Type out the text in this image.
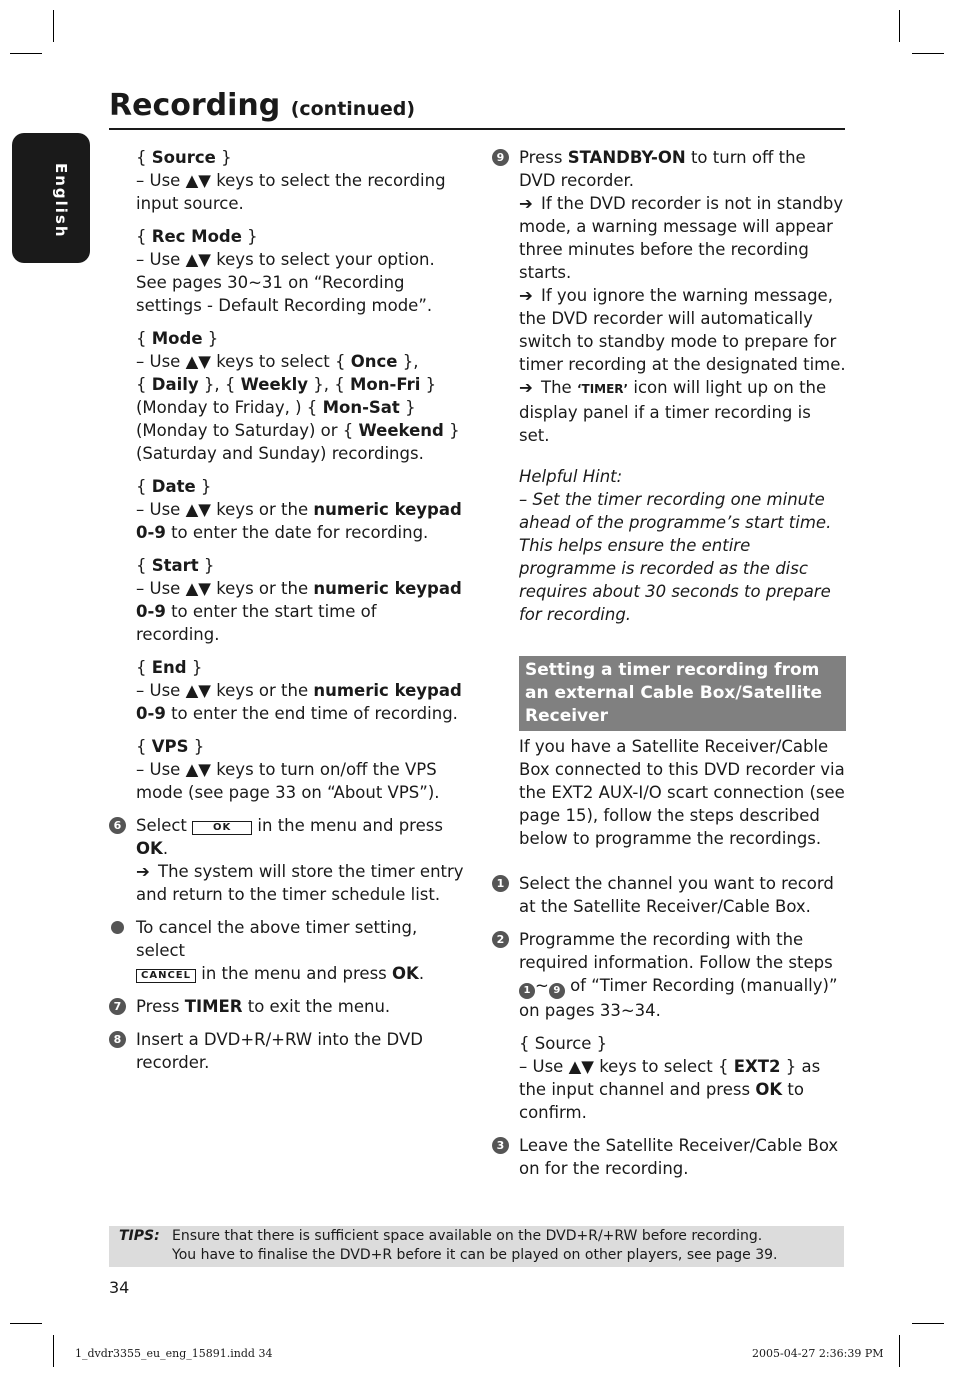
Recording (continued)
English

{ Source }
– Use ▲▼ keys to select the recording input source.

{ Rec Mode }
– Use ▲▼ keys to select your option. See pages 30~31 on “Recording settings - Default Recording mode”.

{ Mode }
– Use ▲▼ keys to select { Once },
{ Daily }, { Weekly }, { Mon-Fri }
(Monday to Friday, ) { Mon-Sat }
(Monday to Saturday) or { Weekend }
(Saturday and Sunday) recordings.

{ Date }
– Use ▲▼ keys or the numeric keypad 0-9 to enter the date for recording.

{ Start }
– Use ▲▼ keys or the numeric keypad 0-9 to enter the start time of recording.

{ End }
– Use ▲▼ keys or the numeric keypad 0-9 to enter the end time of recording.

{ VPS }
– Use ▲▼ keys to turn on/off the VPS mode (see page 33 on “About VPS”).

6 Select	OK in the menu and press
OK.
➔ The system will store the timer entry and return to the timer schedule list.

To cancel the above timer setting, select
CANCEL in the menu and press OK.

7 Press TIMER to exit the menu.

8 Insert a DVD+R/+RW into the DVD recorder.

9 Press STANDBY-ON to turn off the DVD recorder.
➔ If the DVD recorder is not in standby mode, a warning message will appear three minutes before the recording starts.
➔ If you ignore the warning message, the DVD recorder will automatically switch to standby mode to prepare for timer recording at the designated time.
➔ The ‘TIMER’ icon will light up on the display panel if a timer recording is set.

Helpful Hint:

– Set the timer recording one minute ahead of the programme’s start time. This helps ensure the entire programme is recorded as the disc requires about 30 seconds to prepare for recording.

Setting a timer recording from an external Cable Box/Satellite Receiver

If you have a Satellite Receiver/Cable Box connected to this DVD recorder via the EXT2 AUX-I/O scart connection (see page 15), follow the steps described below to programme the recordings.

1 Select the channel you want to record at the Satellite Receiver/Cable Box.

2 Programme the recording with the required information. Follow the steps 1 ~ 9 of “Timer Recording (manually)” on pages 33~34.

{ Source }
– Use ▲▼ keys to select { EXT2 } as the input channel and press OK to confirm.

3 Leave the Satellite Receiver/Cable Box on for the recording.

TIPS: Ensure that there is sufficient space available on the DVD+R/+RW before recording.
You have to finalise the DVD+R before it can be played on other players, see page 39.
34
1_dvdr3355_eu_eng_15891.indd 34	2005-04-27 2:36:39 PM
